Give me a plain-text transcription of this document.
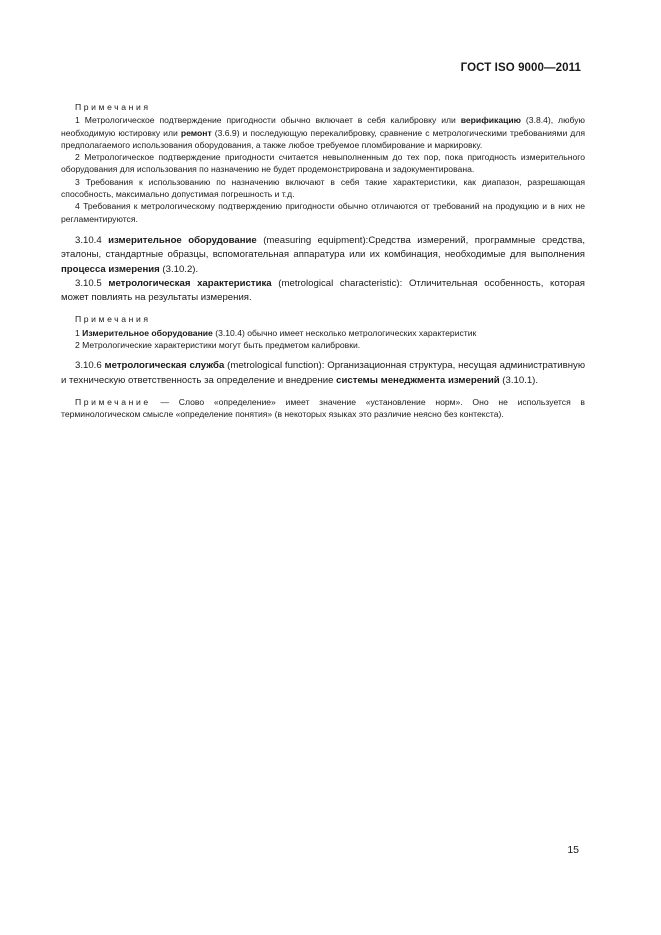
ГОСТ ISO 9000—2011

Примечания

1 Метрологическое подтверждение пригодности обычно включает в себя калибровку или верификацию (3.8.4), любую необходимую юстировку или ремонт (3.6.9) и последующую перекалибровку, сравнение с метрологическими требованиями для предполагаемого использования оборудования, а также любое требуемое пломбирование и маркировку.

2 Метрологическое подтверждение пригодности считается невыполненным до тех пор, пока пригодность измерительного оборудования для использования по назначению не будет продемонстрирована и задокументирована.

3 Требования к использованию по назначению включают в себя такие характеристики, как диапазон, разрешающая способность, максимально допустимая погрешность и т.д.

4 Требования к метрологическому подтверждению пригодности обычно отличаются от требований на продукцию и в них не регламентируются.

3.10.4 измерительное оборудование (measuring equipment):Средства измерений, программные средства, эталоны, стандартные образцы, вспомогательная аппаратура или их комбинация, необходимые для выполнения процесса измерения (3.10.2).

3.10.5 метрологическая характеристика (metrological characteristic): Отличительная особенность, которая может повлиять на результаты измерения.

Примечания

1 Измерительное оборудование (3.10.4) обычно имеет несколько метрологических характеристик

2 Метрологические характеристики могут быть предметом калибровки.

3.10.6 метрологическая служба (metrological function): Организационная структура, несущая административную и техническую ответственность за определение и внедрение системы менеджмента измерений (3.10.1).

Примечание — Слово «определение» имеет значение «установление норм». Оно не используется в терминологическом смысле «определение понятия» (в некоторых языках это различие неясно без контекста).

15
